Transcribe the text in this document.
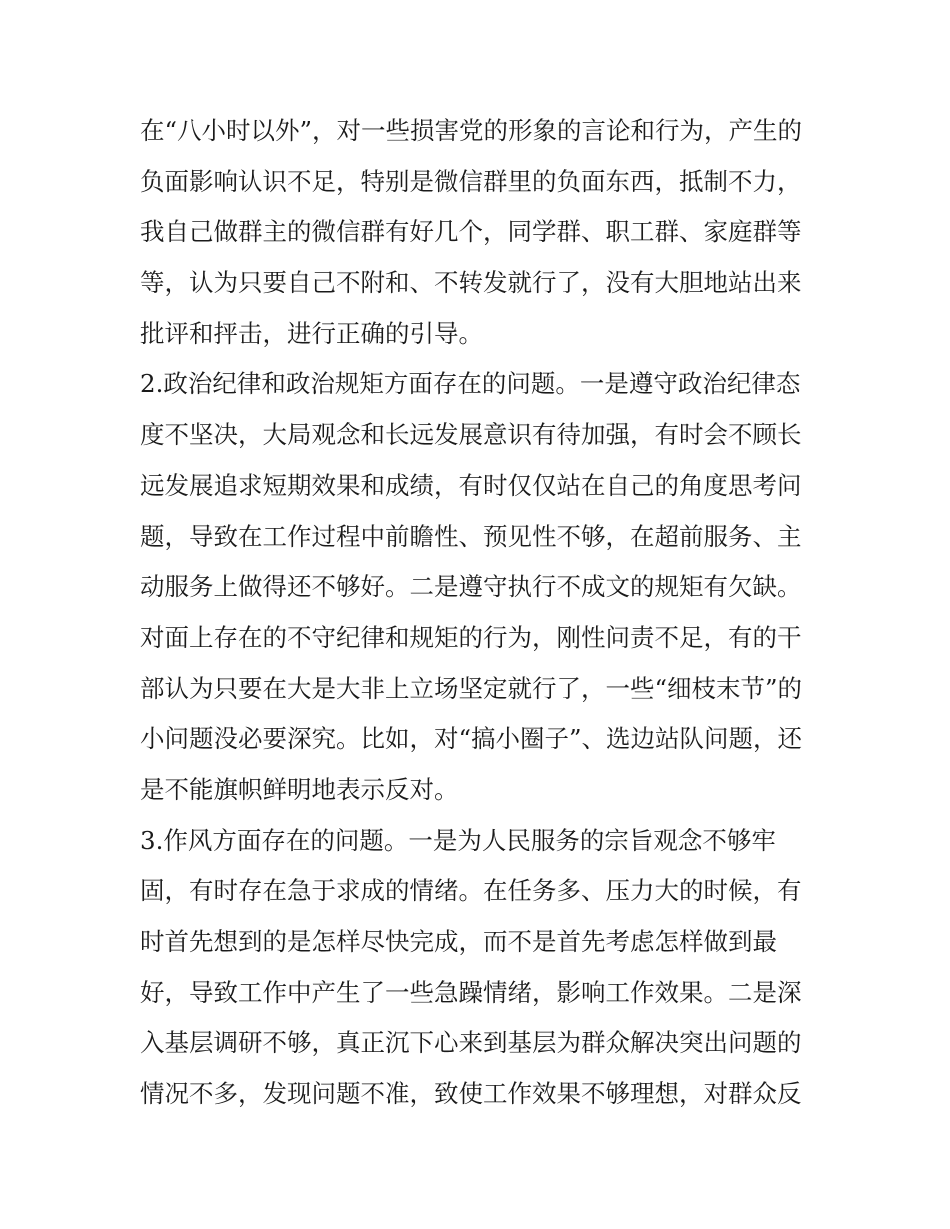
在“八小时以外”，对一些损害党的形象的言论和行为，产生的
负面影响认识不足，特别是微信群里的负面东西，抵制不力，
我自己做群主的微信群有好几个，同学群、职工群、家庭群等
等，认为只要自己不附和、不转发就行了，没有大胆地站出来
批评和抨击，进行正确的引导。
2.政治纪律和政治规矩方面存在的问题。一是遵守政治纪律态
度不坚决，大局观念和长远发展意识有待加强，有时会不顾长
远发展追求短期效果和成绩，有时仅仅站在自己的角度思考问
题，导致在工作过程中前瞻性、预见性不够，在超前服务、主
动服务上做得还不够好。二是遵守执行不成文的规矩有欠缺。
对面上存在的不守纪律和规矩的行为，刚性问责不足，有的干
部认为只要在大是大非上立场坚定就行了，一些“细枝末节”的
小问题没必要深究。比如，对“搞小圈子”、选边站队问题，还
是不能旗帜鲜明地表示反对。
3.作风方面存在的问题。一是为人民服务的宗旨观念不够牢
固，有时存在急于求成的情绪。在任务多、压力大的时候，有
时首先想到的是怎样尽快完成，而不是首先考虑怎样做到最
好，导致工作中产生了一些急躁情绪，影响工作效果。二是深
入基层调研不够，真正沉下心来到基层为群众解决突出问题的
情况不多，发现问题不准，致使工作效果不够理想，对群众反
